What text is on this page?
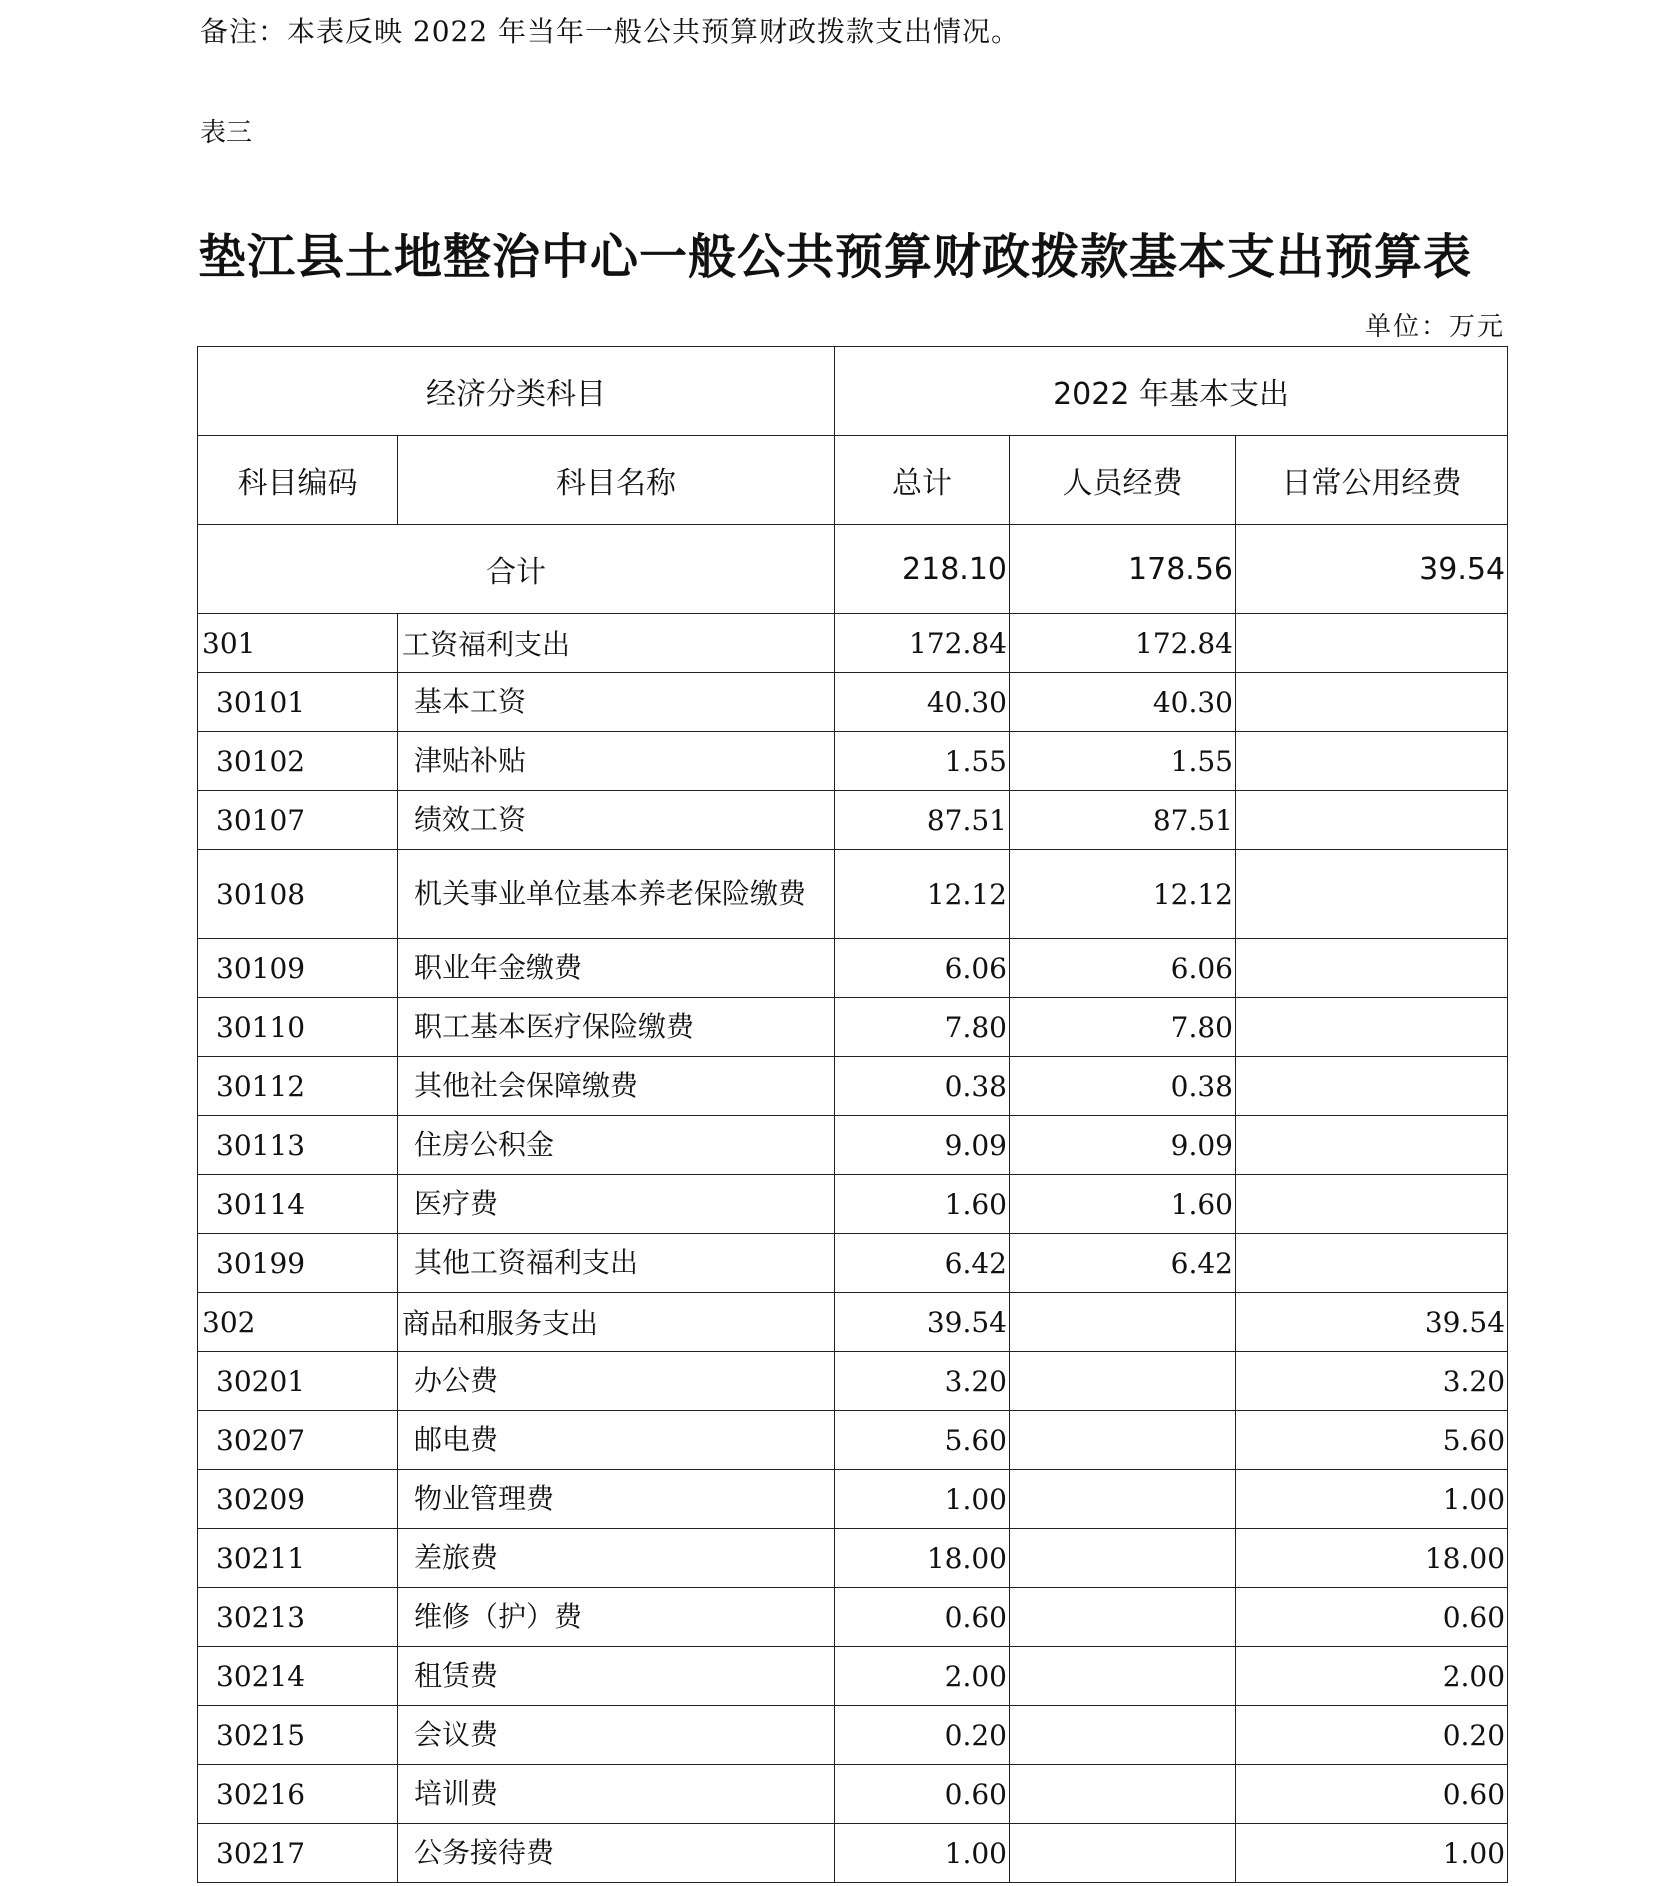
备注：本表反映 2022 年当年一般公共预算财政拨款支出情况。
表三
垫江县土地整治中心一般公共预算财政拨款基本支出预算表
单位：万元
经济分类科目		2022 年基本支出		
科目编码	科目名称	总计	人员经费	日常公用经费
合计		218.10	178.56	39.54
301	工资福利支出	172.84	172.84	
30101	基本工资	40.30	40.30	
30102	津贴补贴	1.55	1.55	
30107	绩效工资	87.51	87.51	
30108	机关事业单位基本养老保险缴费	12.12	12.12	
30109	职业年金缴费	6.06	6.06	
30110	职工基本医疗保险缴费	7.80	7.80	
30112	其他社会保障缴费	0.38	0.38	
30113	住房公积金	9.09	9.09	
30114	医疗费	1.60	1.60	
30199	其他工资福利支出	6.42	6.42	
302	商品和服务支出	39.54		39.54
30201	办公费	3.20		3.20
30207	邮电费	5.60		5.60
30209	物业管理费	1.00		1.00
30211	差旅费	18.00		18.00
30213	维修（护）费	0.60		0.60
30214	租赁费	2.00		2.00
30215	会议费	0.20		0.20
30216	培训费	0.60		0.60
30217	公务接待费	1.00		1.00
